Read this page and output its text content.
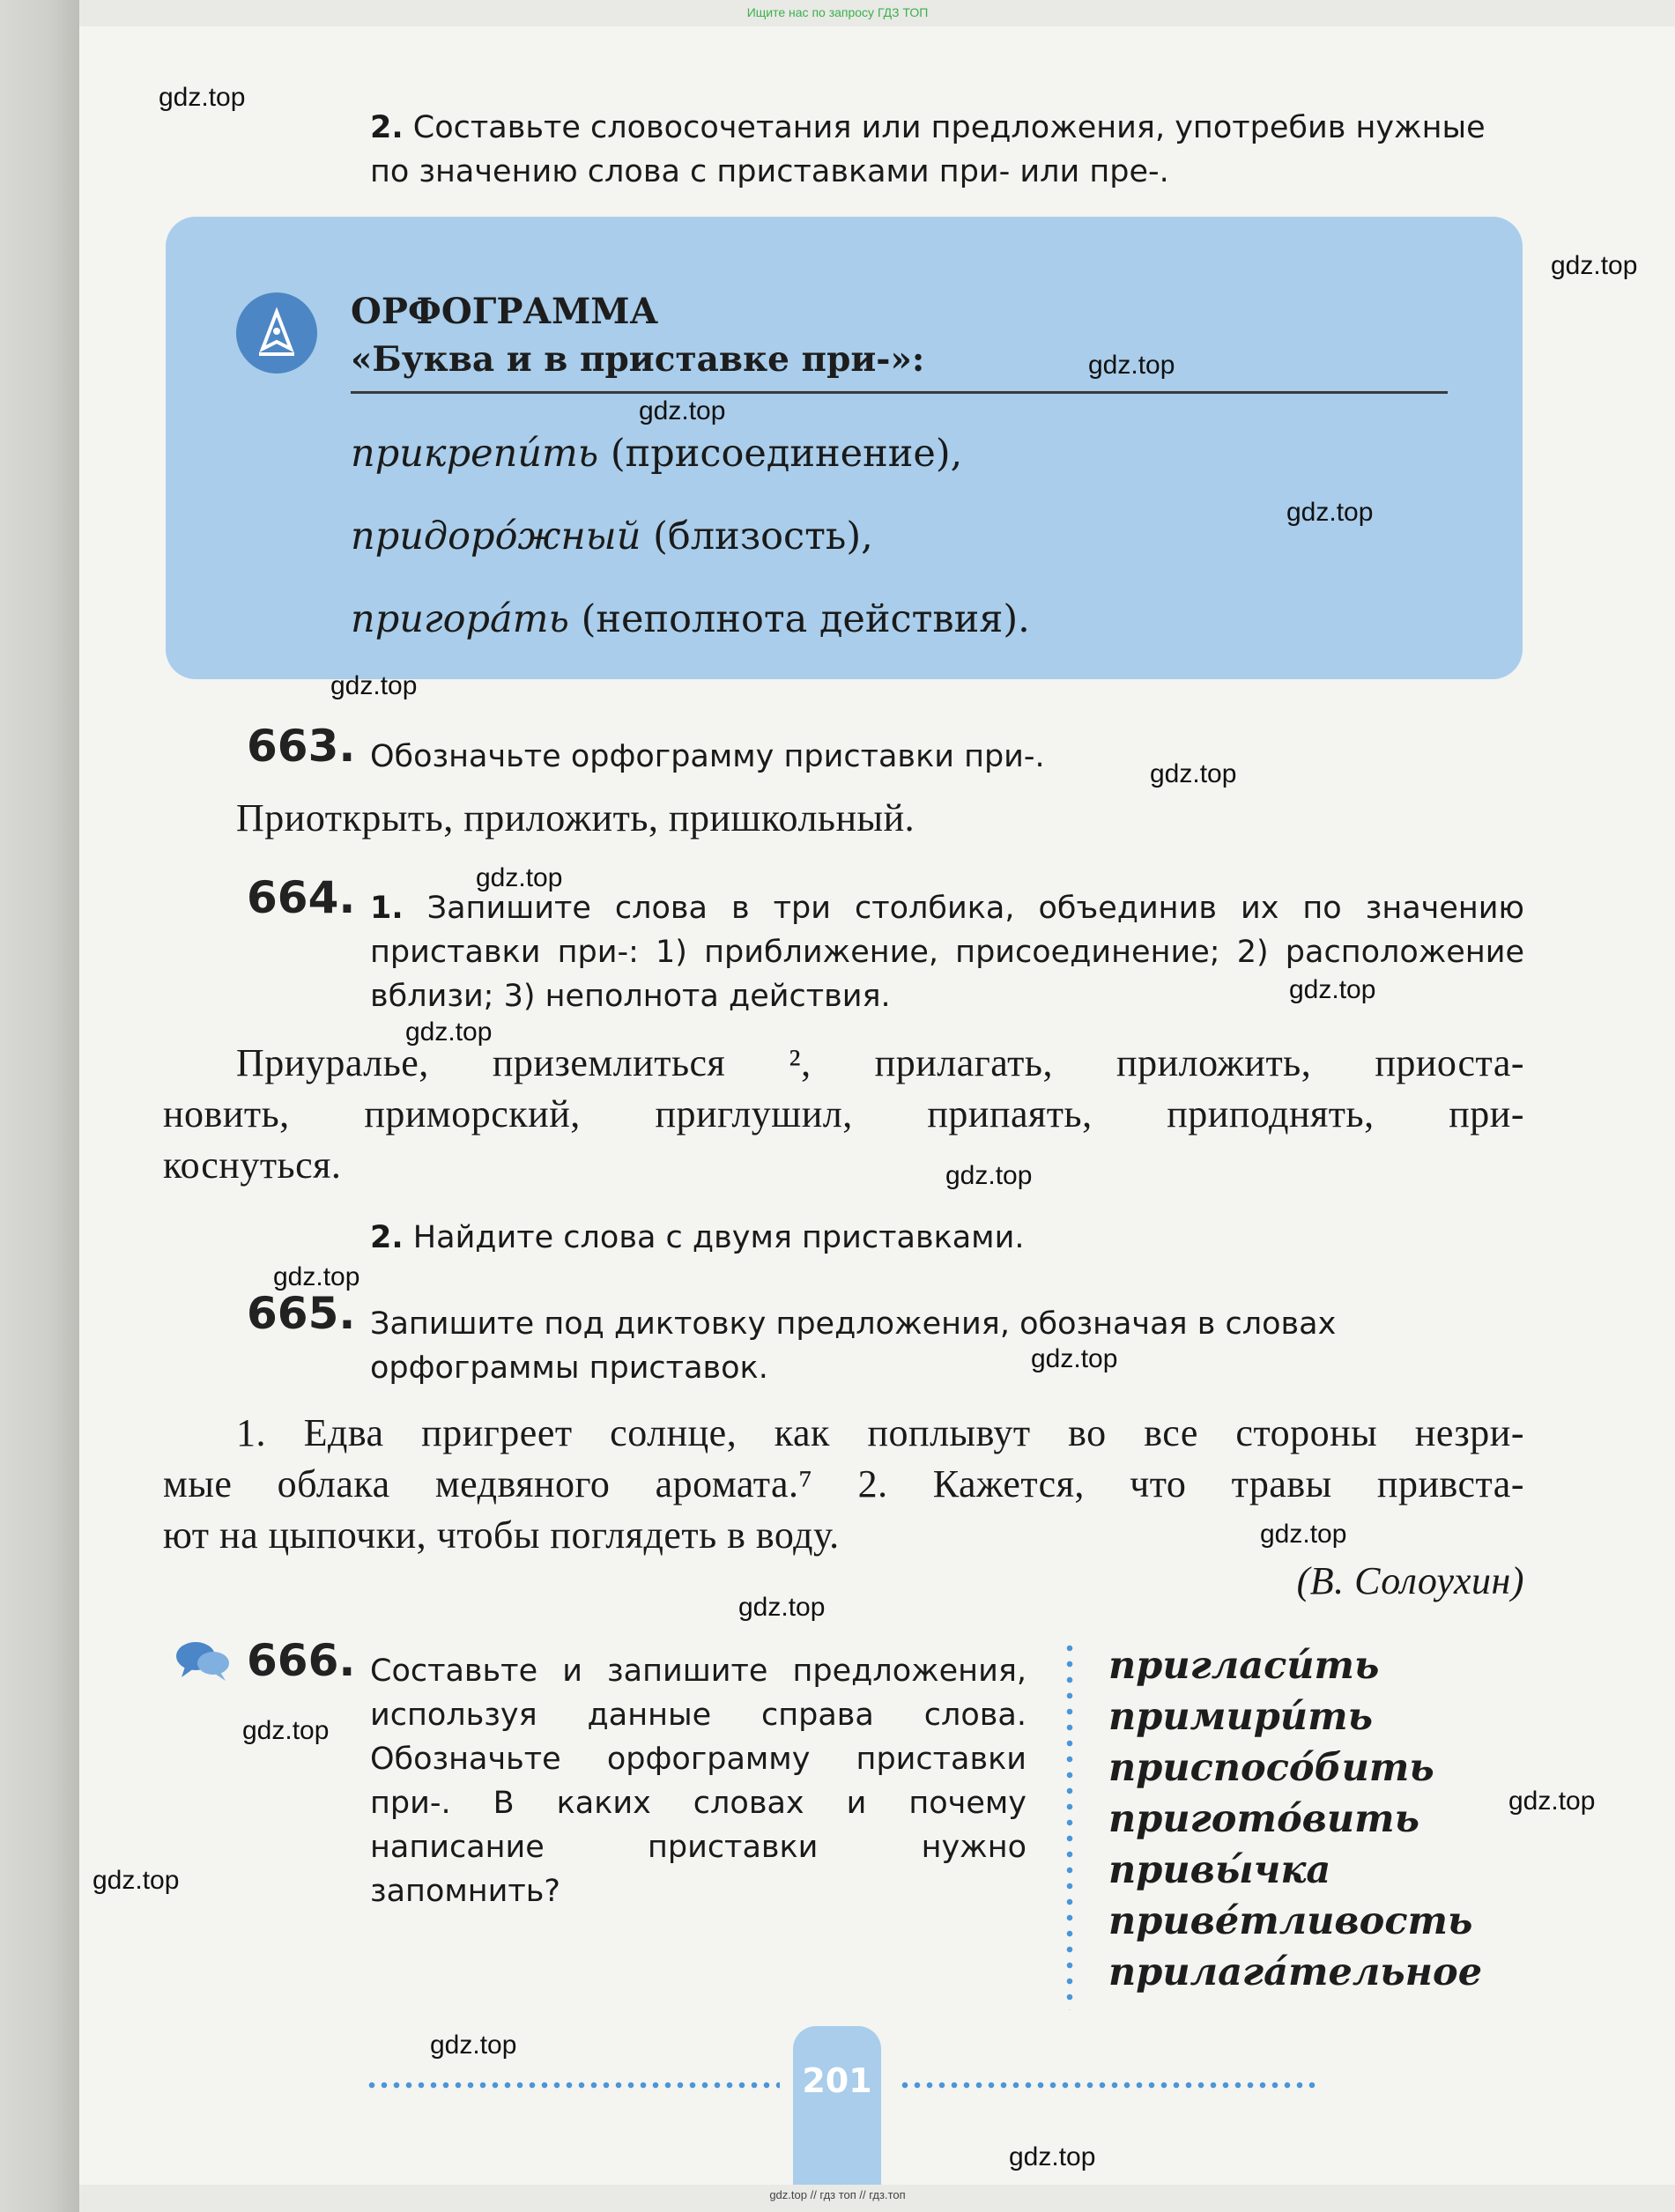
Ищите нас по запросу ГДЗ ТОП
2. Составьте словосочетания или предложения, употребив нужные по значению слова с приставками при- или пре-.
ОРФОГРАММА
«Буква и в приставке при-»:
прикрепи́ть (присоединение),
придоро́жный (близость),
пригора́ть (неполнота действия).
663. Обозначьте орфограмму приставки при-.
Приоткрыть, приложить, пришкольный.
664. 1. Запишите слова в три столбика, объединив их по значению приставки при-: 1) приближение, присоединение; 2) расположение вблизи; 3) неполнота действия.
Приуралье, приземлиться ², прилагать, приложить, приоста-
новить, приморский, приглушил, припаять, приподнять, при-
коснуться.
2. Найдите слова с двумя приставками.
665. Запишите под диктовку предложения, обозначая в словах орфограммы приставок.
1. Едва пригреет солнце, как поплывут во все стороны незри-
мые облака медвяного аромата.⁷ 2. Кажется, что травы привста-
ют на цыпочки, чтобы поглядеть в воду.
(В. Солоухин)
666. Составьте и запишите предложения, используя данные справа слова. Обозначьте орфограмму приставки при-. В каких словах и почему написание приставки нужно запомнить?
пригласи́ть
примири́ть
приспосо́бить
пригото́вить
привы́чка
приве́тливость
прилага́тельное
201
gdz.top
gdz.top
gdz.top
gdz.top
gdz.top
gdz.top
gdz.top
gdz.top
gdz.top
gdz.top
gdz.top
gdz.top
gdz.top
gdz.top
gdz.top
gdz.top
gdz.top
gdz.top
gdz.top
gdz.top
gdz.top // гдз топ // гдз.топ
